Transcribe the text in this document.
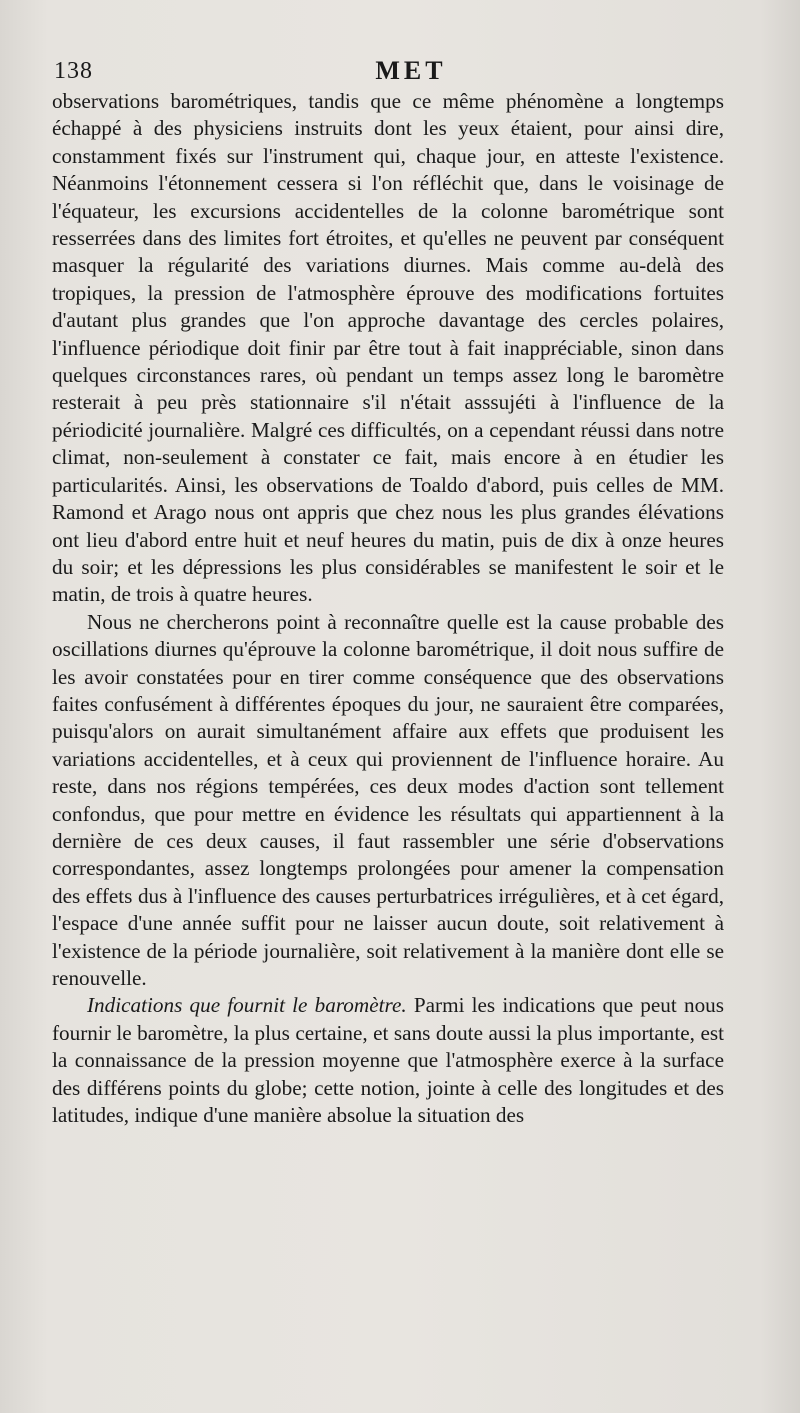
138	MET

observations barométriques, tandis que ce même phénomène a longtemps échappé à des physiciens instruits dont les yeux étaient, pour ainsi dire, constamment fixés sur l'instrument qui, chaque jour, en atteste l'existence. Néanmoins l'étonnement cessera si l'on réfléchit que, dans le voisinage de l'équateur, les excursions accidentelles de la colonne barométrique sont resserrées dans des limites fort étroites, et qu'elles ne peuvent par conséquent masquer la régularité des variations diurnes. Mais comme au-delà des tropiques, la pression de l'atmosphère éprouve des modifications fortuites d'autant plus grandes que l'on approche davantage des cercles polaires, l'influence périodique doit finir par être tout à fait inappréciable, sinon dans quelques circonstances rares, où pendant un temps assez long le baromètre resterait à peu près stationnaire s'il n'était asssujéti à l'influence de la périodicité journalière. Malgré ces difficultés, on a cependant réussi dans notre climat, non-seulement à constater ce fait, mais encore à en étudier les particularités. Ainsi, les observations de Toaldo d'abord, puis celles de MM. Ramond et Arago nous ont appris que chez nous les plus grandes élévations ont lieu d'abord entre huit et neuf heures du matin, puis de dix à onze heures du soir; et les dépressions les plus considérables se manifestent le soir et le matin, de trois à quatre heures.

Nous ne chercherons point à reconnaître quelle est la cause probable des oscillations diurnes qu'éprouve la colonne barométrique, il doit nous suffire de les avoir constatées pour en tirer comme conséquence que des observations faites confusément à différentes époques du jour, ne sauraient être comparées, puisqu'alors on aurait simultanément affaire aux effets que produisent les variations accidentelles, et à ceux qui proviennent de l'influence horaire. Au reste, dans nos régions tempérées, ces deux modes d'action sont tellement confondus, que pour mettre en évidence les résultats qui appartiennent à la dernière de ces deux causes, il faut rassembler une série d'observations correspondantes, assez longtemps prolongées pour amener la compensation des effets dus à l'influence des causes perturbatrices irrégulières, et à cet égard, l'espace d'une année suffit pour ne laisser aucun doute, soit relativement à l'existence de la période journalière, soit relativement à la manière dont elle se renouvelle.

Indications que fournit le baromètre. Parmi les indications que peut nous fournir le baromètre, la plus certaine, et sans doute aussi la plus importante, est la connaissance de la pression moyenne que l'atmosphère exerce à la surface des différens points du globe; cette notion, jointe à celle des longitudes et des latitudes, indique d'une manière absolue la situation des
